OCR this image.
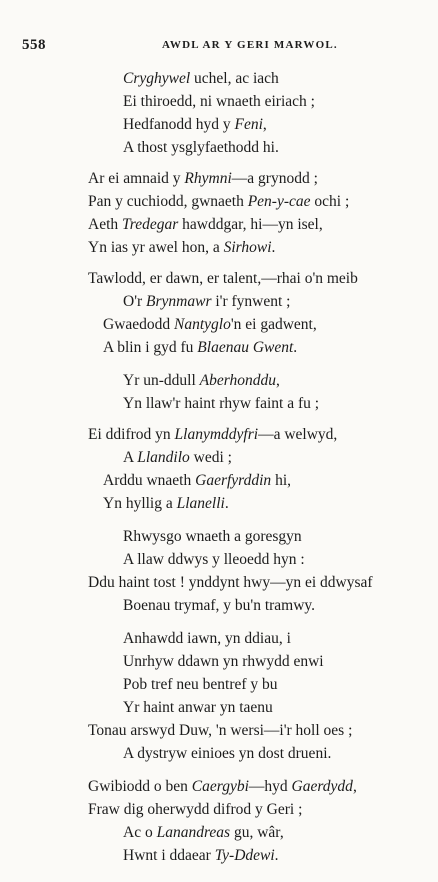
558	AWDL AR Y GERI MARWOL.
Cryghywel uchel, ac iach
Ei thiroedd, ni wnaeth eiriach ;
Hedfanodd hyd y Feni,
A thost ysglyfaethodd hi.
Ar ei amnaid y Rhymni—a grynodd ;
Pan y cuchiodd, gwnaeth Pen-y-cae ochi ;
Aeth Tredegar hawddgar, hi—yn isel,
Yn ias yr awel hon, a Sirhowi.
Tawlodd, er dawn, er talent,—rhai o'n meib
O'r Brynmawr i'r fynwent ;
Gwaedodd Nantyglo'n ei gadwent,
A blin i gyd fu Blaenau Gwent.
Yr un-ddull Aberhonddu,
Yn llaw'r haint rhyw faint a fu ;
Ei ddifrod yn Llanymddyfri—a welwyd,
A Llandilo wedi ;
Arddu wnaeth Gaerfyrddin hi,
Yn hyllig a Llanelli.
Rhwysgo wnaeth a goresgyn
A llaw ddwys y lleoedd hyn :
Ddu haint tost ! ynddynt hwy—yn ei ddwysaf
Boenau trymaf, y bu'n tramwy.
Anhawdd iawn, yn ddiau, i
Unrhyw ddawn yn rhwydd enwi
Pob tref neu bentref y bu
Yr haint anwar yn taenu
Tonau arswyd Duw, 'n wersi—i'r holl oes ;
A dystryw einioes yn dost drueni.
Gwibiodd o ben Caergybi—hyd Gaerdydd,
Fraw dig oherwydd difrod y Geri ;
Ac o Lanandreas gu, wâr,
Hwnt i ddaear Ty-Ddewi.
